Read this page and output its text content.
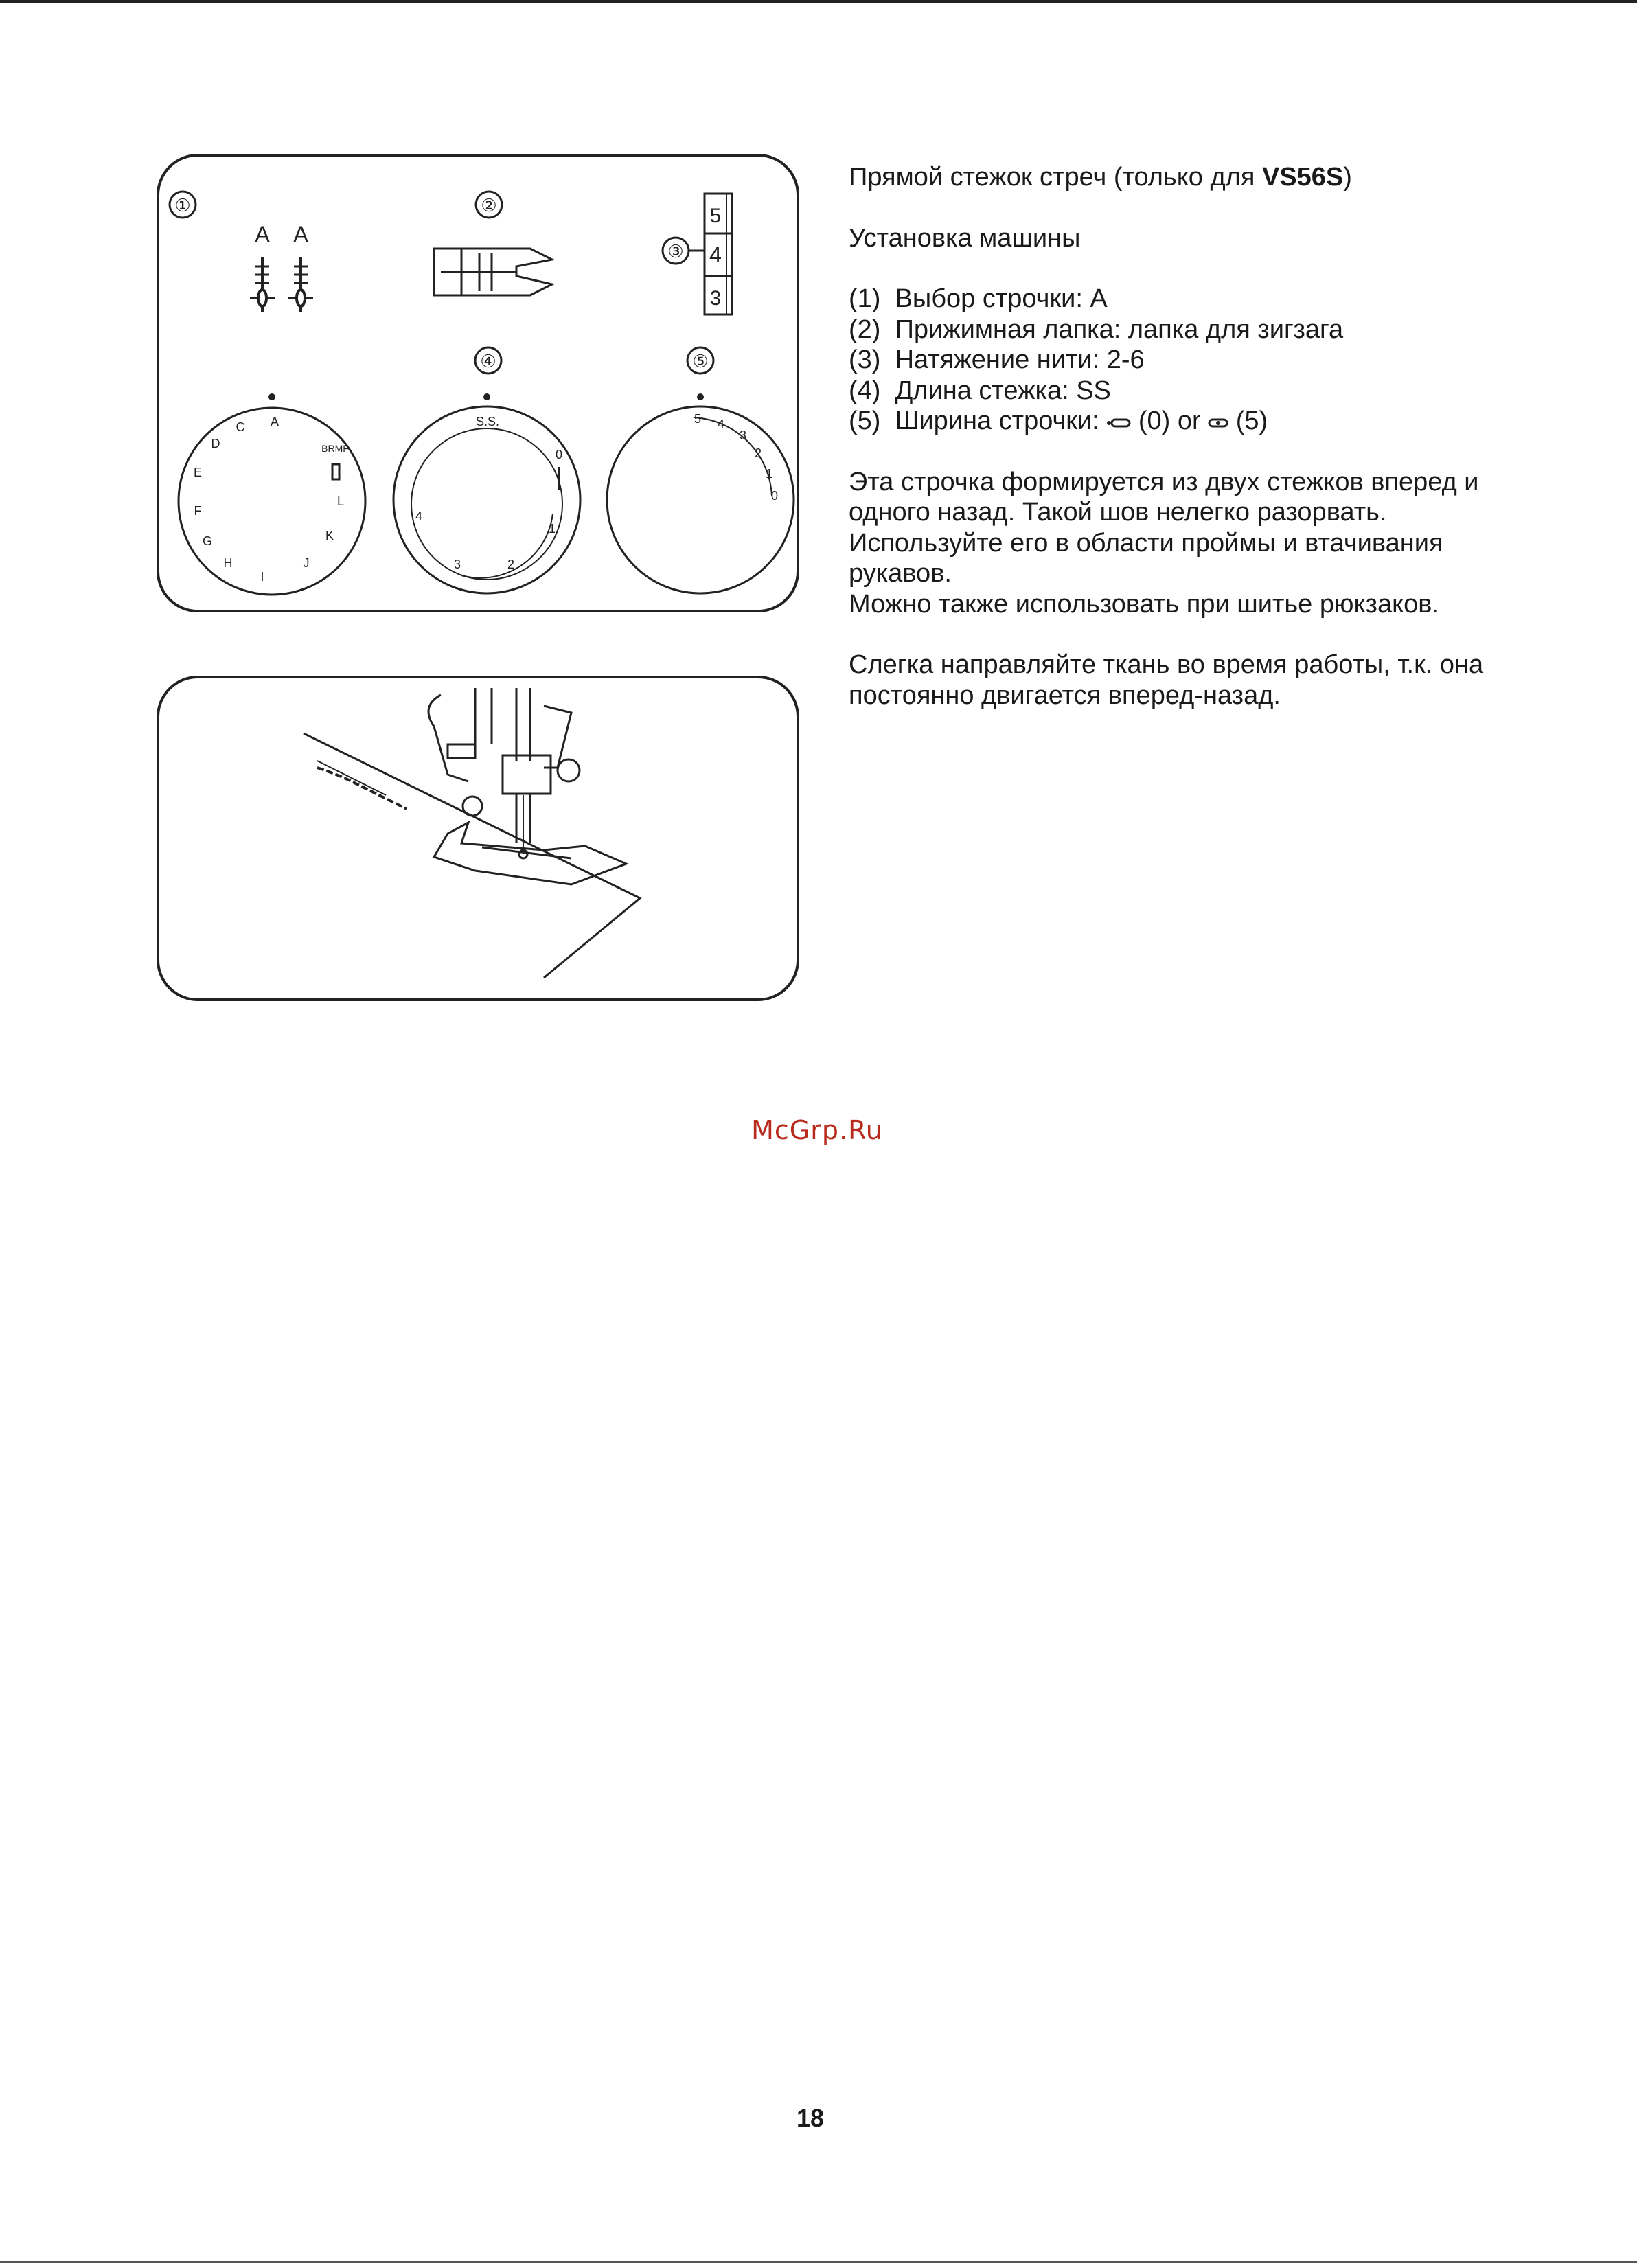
①	②
③
④	⑤
A A
5
4
3
A
C
D
E
F
G
H
I
J
K
L
BRMF
S.S.
0
1
2
3
4
5 4
3
2
1
0

Прямой стежок стреч (только для VS56S)

Установка машины

(1) Выбор строчки: А
(2) Прижимная лапка: лапка для зигзага
(3) Натяжение нити: 2-6
(4) Длина стежка: SS
(5) Ширина строчки:  (0) or  (5)

Эта строчка формируется из двух стежков вперед и одного назад. Такой шов нелегко разорвать.
Используйте его в области проймы и втачивания рукавов.
Можно также использовать при шитье рюкзаков.

Слегка направляйте ткань во время работы, т.к. она постоянно двигается вперед-назад.

McGrp.Ru
18
